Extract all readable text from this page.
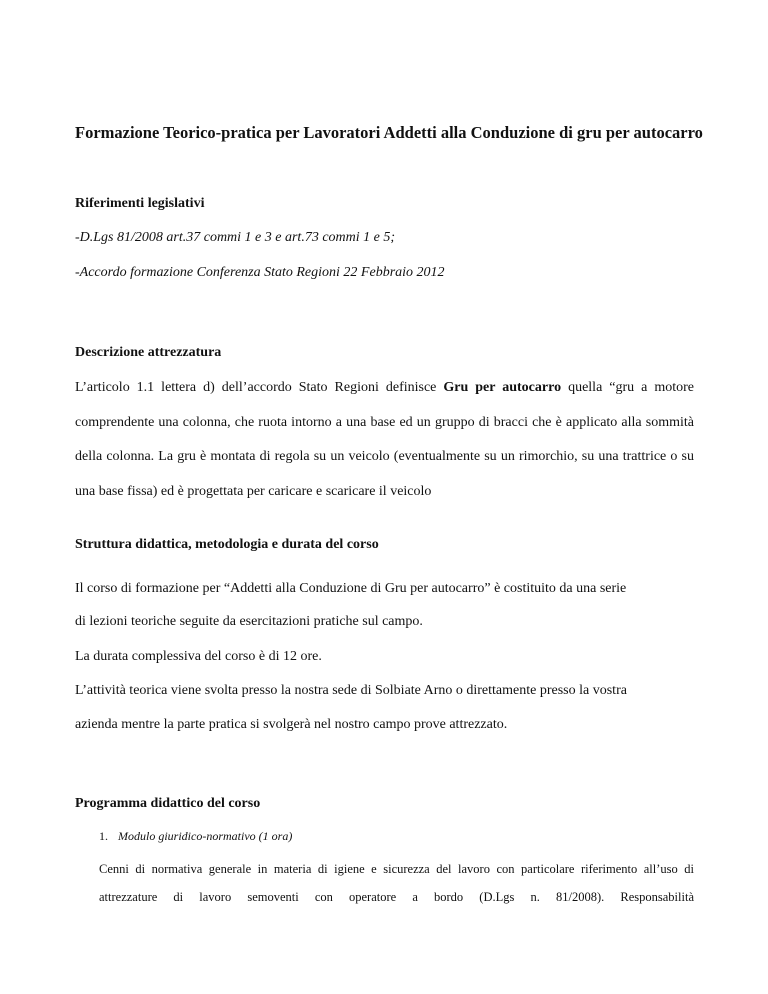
Formazione Teorico-pratica per Lavoratori Addetti alla Conduzione di gru per autocarro
Riferimenti legislativi

-D.Lgs 81/2008 art.37 commi 1 e 3 e art.73 commi 1 e 5;

-Accordo formazione Conferenza Stato Regioni 22 Febbraio 2012

Descrizione attrezzatura

L’articolo 1.1 lettera d) dell’accordo Stato Regioni definisce Gru per autocarro quella “gru a motore comprendente una colonna, che ruota intorno a una base ed un gruppo di bracci che è applicato alla sommità della colonna. La gru è montata di regola su un veicolo (eventualmente su un rimorchio, su una trattrice o su una base fissa) ed è progettata per caricare e scaricare il veicolo

Struttura didattica, metodologia e durata del corso

Il corso di formazione per “Addetti alla Conduzione di Gru per autocarro” è costituito da una serie

di lezioni teoriche seguite da esercitazioni pratiche sul campo.

La durata complessiva del corso è di 12 ore.

L’attività teorica viene svolta presso la nostra sede di Solbiate Arno o direttamente presso la vostra

azienda mentre la parte pratica si svolgerà nel nostro campo prove attrezzato.

Programma didattico del corso

1. Modulo giuridico-normativo (1 ora)

Cenni di normativa generale in materia di igiene e sicurezza del lavoro con particolare riferimento all’uso di attrezzature di lavoro semoventi con operatore a bordo (D.Lgs n. 81/2008). Responsabilità
